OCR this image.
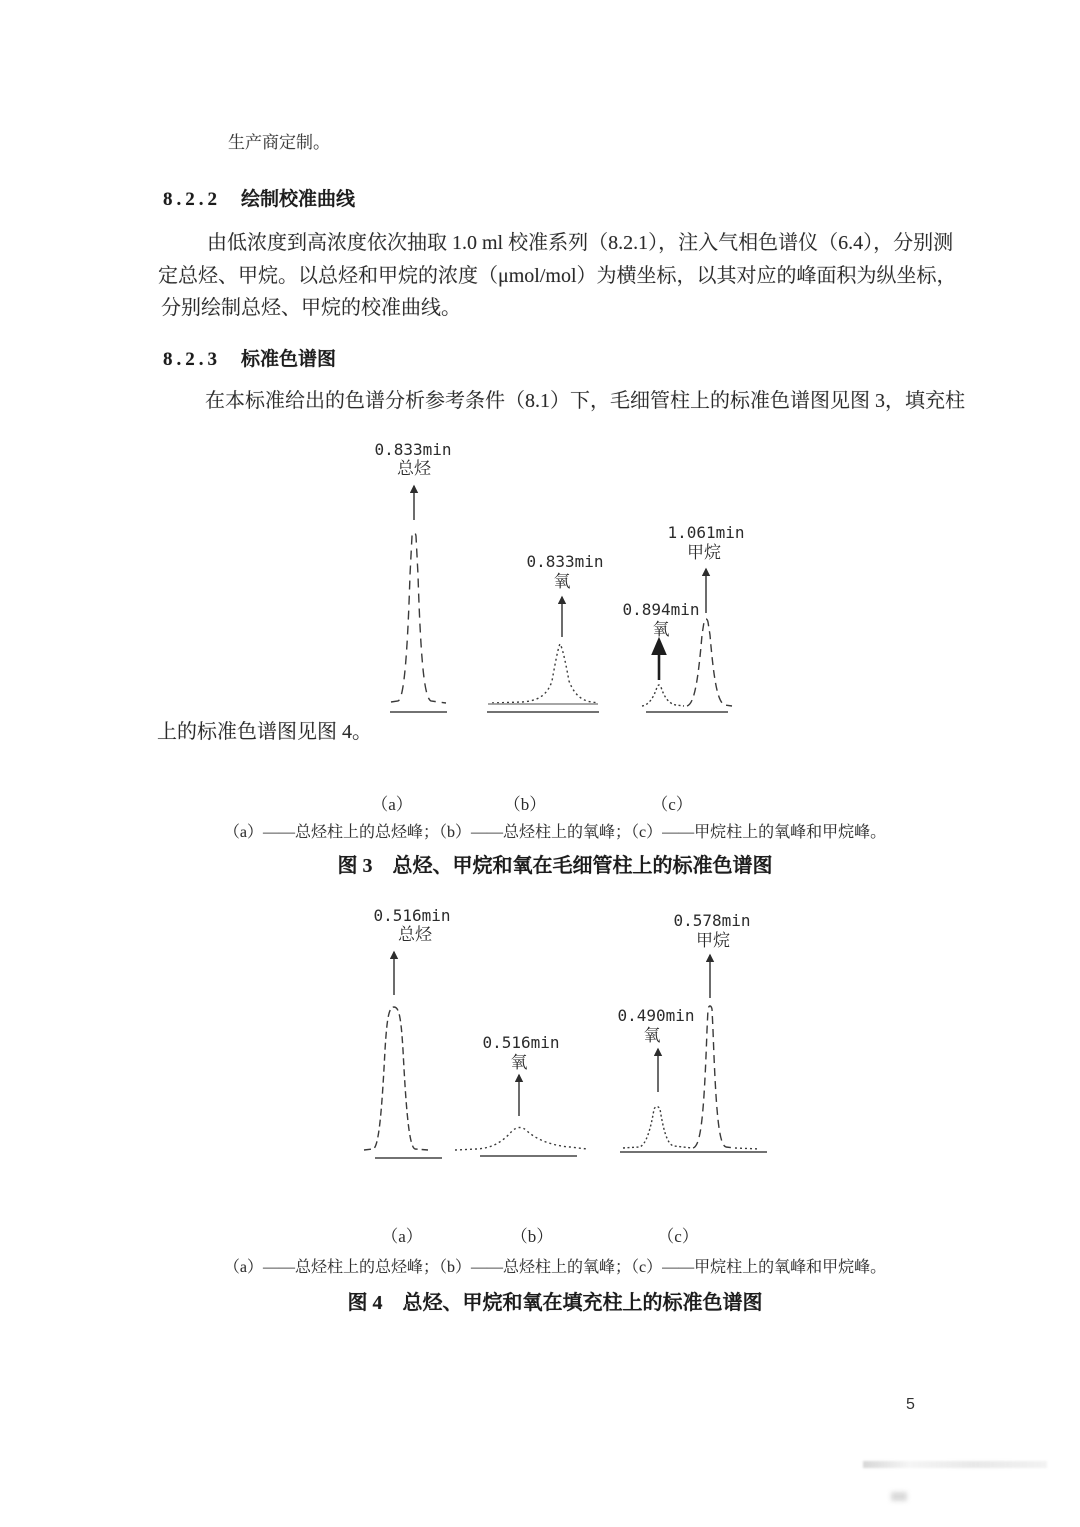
生产商定制。
8.2.2 绘制校准曲线
由低浓度到高浓度依次抽取 1.0 ml 校准系列（8.2.1），注入气相色谱仪（6.4），分别测
定总烃、甲烷。以总烃和甲烷的浓度（μmol/mol）为横坐标，以其对应的峰面积为纵坐标，
分别绘制总烃、甲烷的校准曲线。
8.2.3 标准色谱图
在本标准给出的色谱分析参考条件（8.1）下，毛细管柱上的标准色谱图见图 3，填充柱
0.833min
总烃
0.833min
氧
1.061min
甲烷
0.894min
氧
上的标准色谱图见图 4。
（a）	（b）	（c）
（a）——总烃柱上的总烃峰；（b）——总烃柱上的氧峰；（c）——甲烷柱上的氧峰和甲烷峰。
图 3　总烃、甲烷和氧在毛细管柱上的标准色谱图
0.516min
总烃
0.516min
氧
0.578min
甲烷
0.490min
氧
（a）	（b）	（c）
（a）——总烃柱上的总烃峰；（b）——总烃柱上的氧峰；（c）——甲烷柱上的氧峰和甲烷峰。
图 4　总烃、甲烷和氧在填充柱上的标准色谱图
5
